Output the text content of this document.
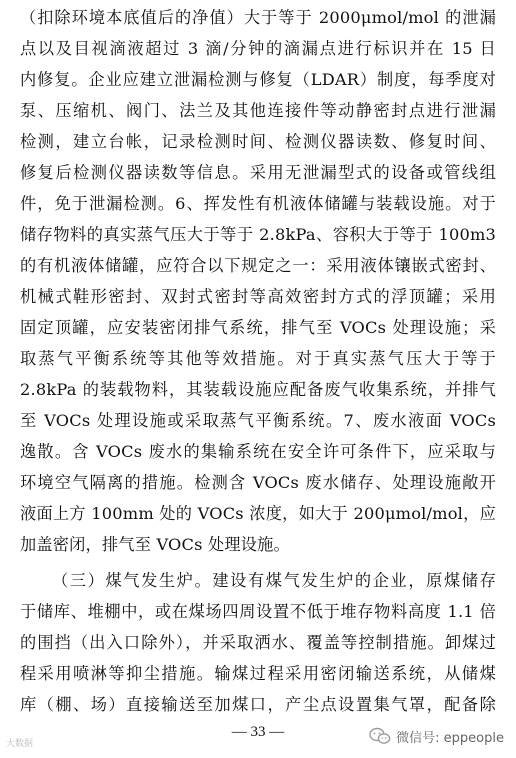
（扣除环境本底值后的净值）大于等于 2000μmol/mol 的泄漏
点以及目视滴液超过 3 滴/分钟的滴漏点进行标识并在 15 日
内修复。企业应建立泄漏检测与修复（LDAR）制度，每季度对
泵、压缩机、阀门、法兰及其他连接件等动静密封点进行泄漏
检测，建立台帐，记录检测时间、检测仪器读数、修复时间、
修复后检测仪器读数等信息。采用无泄漏型式的设备或管线组
件，免于泄漏检测。6、挥发性有机液体储罐与装载设施。对于
储存物料的真实蒸气压大于等于 2.8kPa、容积大于等于 100m3
的有机液体储罐，应符合以下规定之一：采用液体镶嵌式密封、
机械式鞋形密封、双封式密封等高效密封方式的浮顶罐；采用
固定顶罐，应安装密闭排气系统，排气至 VOCs 处理设施；采
取蒸气平衡系统等其他等效措施。对于真实蒸气压大于等于
2.8kPa 的装载物料，其装载设施应配备废气收集系统，并排气
至 VOCs 处理设施或采取蒸气平衡系统。7、废水液面 VOCs
逸散。含 VOCs 废水的集输系统在安全许可条件下，应采取与
环境空气隔离的措施。检测含 VOCs 废水储存、处理设施敞开
液面上方 100mm 处的 VOCs 浓度，如大于 200μmol/mol，应
加盖密闭，排气至 VOCs 处理设施。
（三）煤气发生炉。建设有煤气发生炉的企业，原煤储存
于储库、堆棚中，或在煤场四周设置不低于堆存物料高度 1.1 倍
的围挡（出入口除外），并采取洒水、覆盖等控制措施。卸煤过
程采用喷淋等抑尘措施。输煤过程采用密闭输送系统，从储煤
库（棚、场）直接输送至加煤口，产尘点设置集气罩，配备除
— 33 —
大数据	微信号: eppeople
